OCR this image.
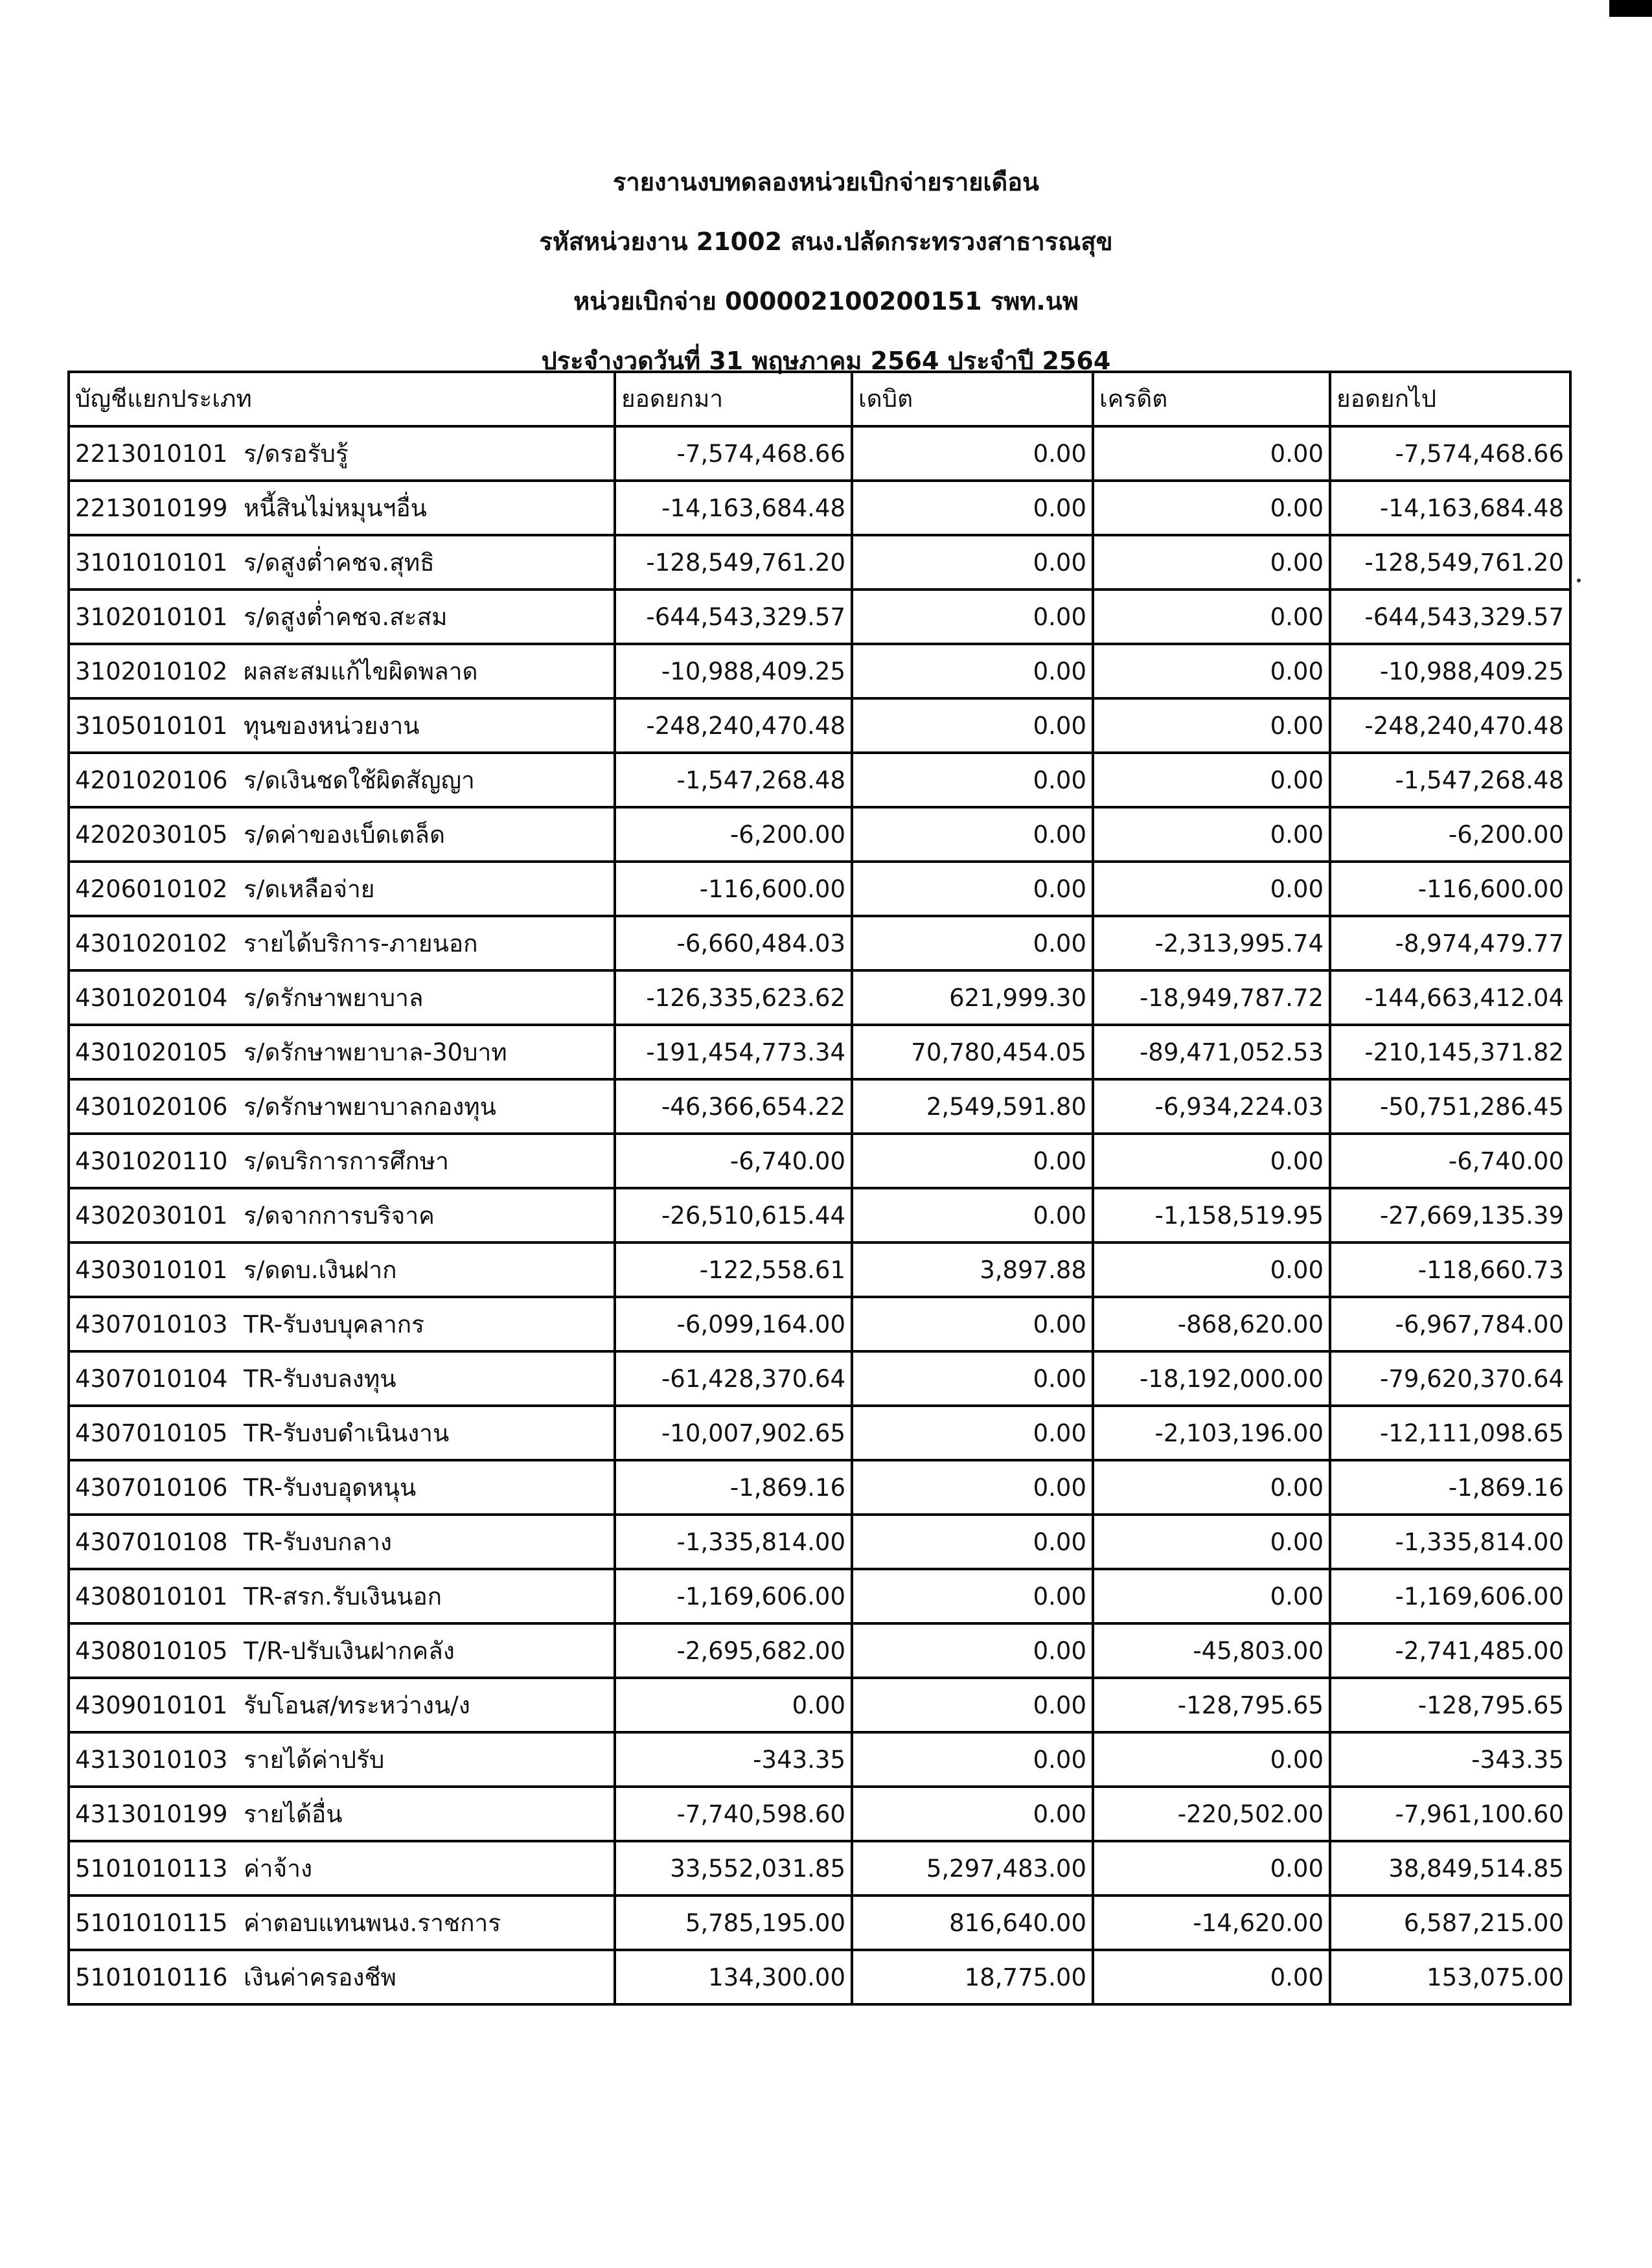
รายงานงบทดลองหน่วยเบิกจ่ายรายเดือน
รหัสหน่วยงาน 21002 สนง.ปลัดกระทรวงสาธารณสุข
หน่วยเบิกจ่าย 000002100200151 รพท.นพ
ประจำงวดวันที่ 31 พฤษภาคม 2564 ประจำปี 2564
บัญชีแยกประเภท	ยอดยกมา	เดบิต	เครดิต	ยอดยกไป
2213010101 ร/ดรอรับรู้	-7,574,468.66	0.00	0.00	-7,574,468.66
2213010199 หนี้สินไม่หมุนฯอื่น	-14,163,684.48	0.00	0.00	-14,163,684.48
3101010101 ร/ดสูงต่ำคชจ.สุทธิ	-128,549,761.20	0.00	0.00	-128,549,761.20
3102010101 ร/ดสูงต่ำคชจ.สะสม	-644,543,329.57	0.00	0.00	-644,543,329.57
3102010102 ผลสะสมแก้ไขผิดพลาด	-10,988,409.25	0.00	0.00	-10,988,409.25
3105010101 ทุนของหน่วยงาน	-248,240,470.48	0.00	0.00	-248,240,470.48
4201020106 ร/ดเงินชดใช้ผิดสัญญา	-1,547,268.48	0.00	0.00	-1,547,268.48
4202030105 ร/ดค่าของเบ็ดเตล็ด	-6,200.00	0.00	0.00	-6,200.00
4206010102 ร/ดเหลือจ่าย	-116,600.00	0.00	0.00	-116,600.00
4301020102 รายได้บริการ-ภายนอก	-6,660,484.03	0.00	-2,313,995.74	-8,974,479.77
4301020104 ร/ดรักษาพยาบาล	-126,335,623.62	621,999.30	-18,949,787.72	-144,663,412.04
4301020105 ร/ดรักษาพยาบาล-30บาท	-191,454,773.34	70,780,454.05	-89,471,052.53	-210,145,371.82
4301020106 ร/ดรักษาพยาบาลกองทุน	-46,366,654.22	2,549,591.80	-6,934,224.03	-50,751,286.45
4301020110 ร/ดบริการการศึกษา	-6,740.00	0.00	0.00	-6,740.00
4302030101 ร/ดจากการบริจาค	-26,510,615.44	0.00	-1,158,519.95	-27,669,135.39
4303010101 ร/ดดบ.เงินฝาก	-122,558.61	3,897.88	0.00	-118,660.73
4307010103 TR-รับงบบุคลากร	-6,099,164.00	0.00	-868,620.00	-6,967,784.00
4307010104 TR-รับงบลงทุน	-61,428,370.64	0.00	-18,192,000.00	-79,620,370.64
4307010105 TR-รับงบดำเนินงาน	-10,007,902.65	0.00	-2,103,196.00	-12,111,098.65
4307010106 TR-รับงบอุดหนุน	-1,869.16	0.00	0.00	-1,869.16
4307010108 TR-รับงบกลาง	-1,335,814.00	0.00	0.00	-1,335,814.00
4308010101 TR-สรก.รับเงินนอก	-1,169,606.00	0.00	0.00	-1,169,606.00
4308010105 T/R-ปรับเงินฝากคลัง	-2,695,682.00	0.00	-45,803.00	-2,741,485.00
4309010101 รับโอนส/ทระหว่างน/ง	0.00	0.00	-128,795.65	-128,795.65
4313010103 รายได้ค่าปรับ	-343.35	0.00	0.00	-343.35
4313010199 รายได้อื่น	-7,740,598.60	0.00	-220,502.00	-7,961,100.60
5101010113 ค่าจ้าง	33,552,031.85	5,297,483.00	0.00	38,849,514.85
5101010115 ค่าตอบแทนพนง.ราชการ	5,785,195.00	816,640.00	-14,620.00	6,587,215.00
5101010116 เงินค่าครองชีพ	134,300.00	18,775.00	0.00	153,075.00
